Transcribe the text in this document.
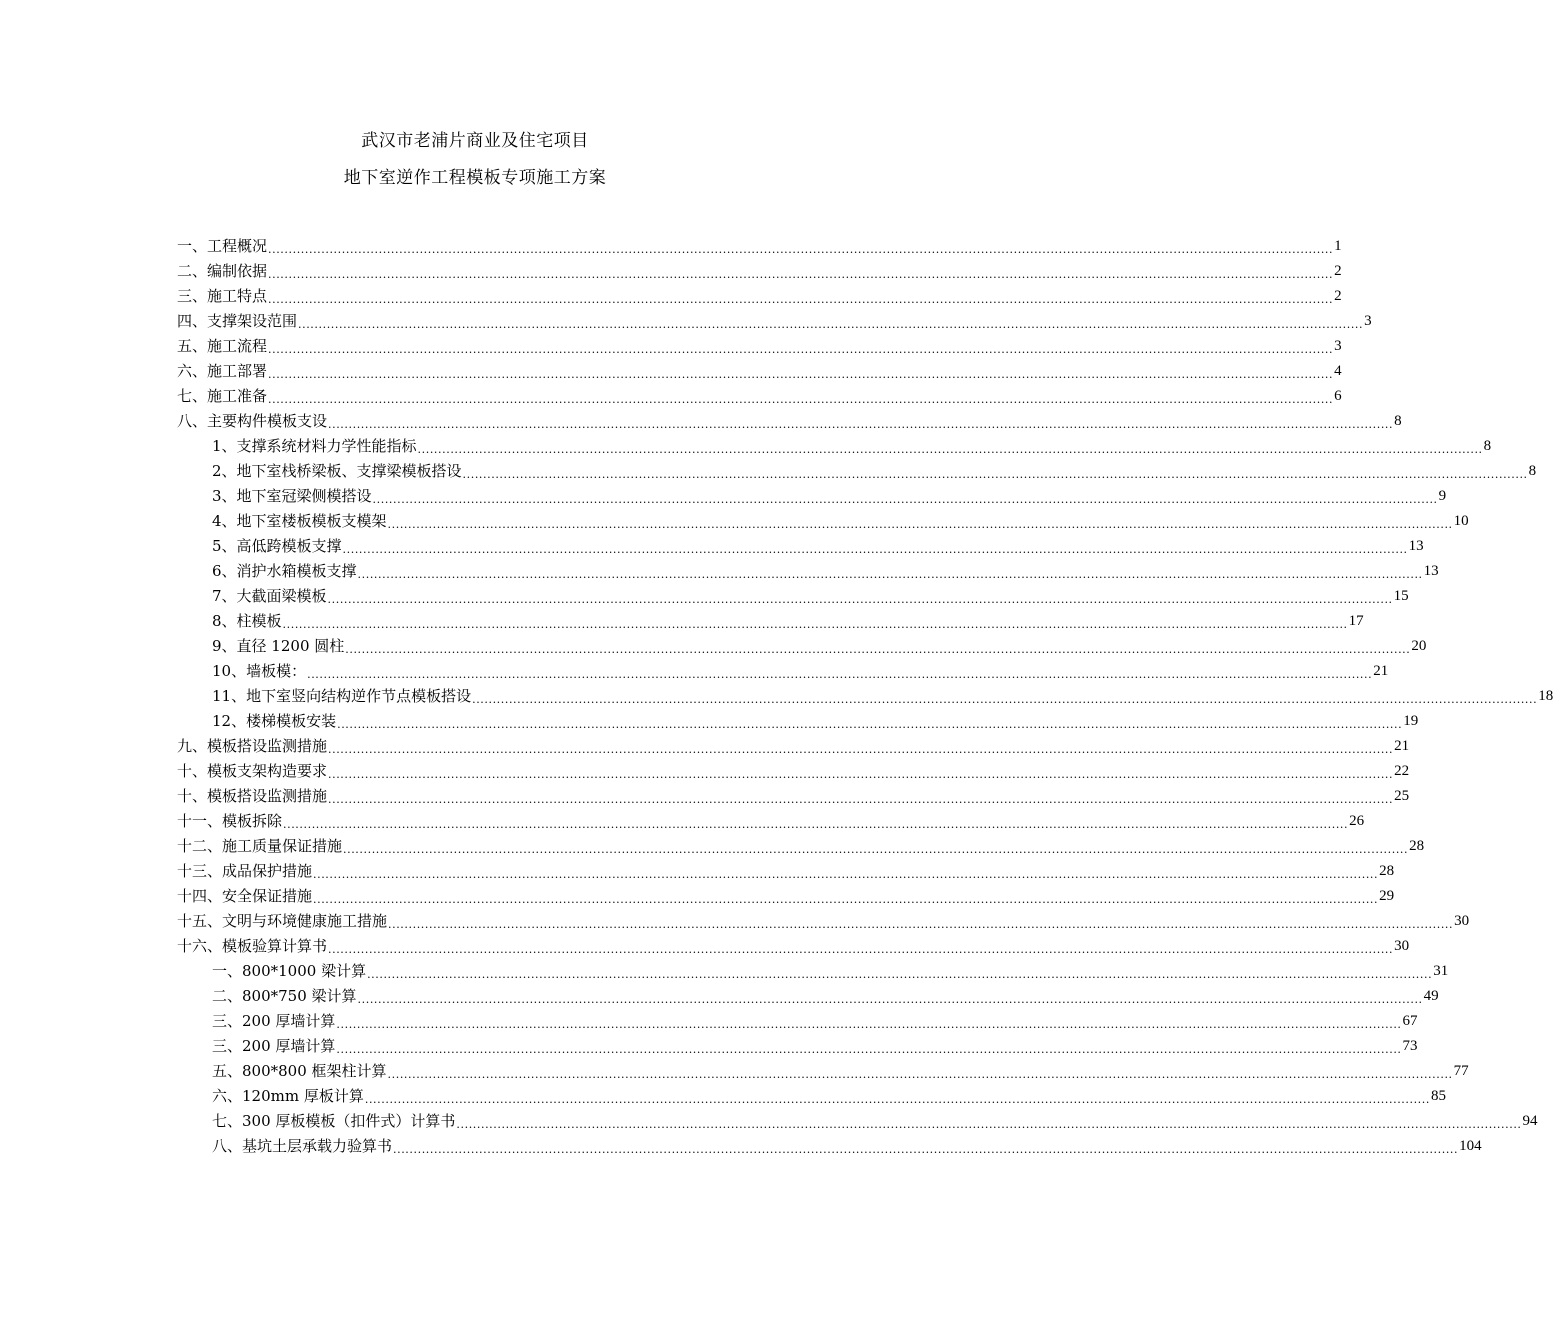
武汉市老浦片商业及住宅项目
地下室逆作工程模板专项施工方案
一、工程概况 .................................................................................................................................................................................................................................................................... 1
二、编制依据 .................................................................................................................................................................................................................................................................... 2
三、施工特点 .................................................................................................................................................................................................................................................................... 2
四、支撑架设范围 .................................................................................................................................................................................................................................................................... 3
五、施工流程 .................................................................................................................................................................................................................................................................... 3
六、施工部署 .................................................................................................................................................................................................................................................................... 4
七、施工准备 .................................................................................................................................................................................................................................................................... 6
八、主要构件模板支设 .................................................................................................................................................................................................................................................................... 8
1、支撑系统材料力学性能指标 .................................................................................................................................................................................................................................................................... 8
2、地下室栈桥梁板、支撑梁模板搭设 .................................................................................................................................................................................................................................................................... 8
3、地下室冠梁侧模搭设 .................................................................................................................................................................................................................................................................... 9
4、地下室楼板模板支模架 .................................................................................................................................................................................................................................................................... 10
5、高低跨模板支撑 .................................................................................................................................................................................................................................................................... 13
6、消护水箱模板支撑 .................................................................................................................................................................................................................................................................... 13
7、大截面梁模板 .................................................................................................................................................................................................................................................................... 15
8、柱模板 .................................................................................................................................................................................................................................................................... 17
9、直径 1200 圆柱 .................................................................................................................................................................................................................................................................... 20
10、墙板模： .................................................................................................................................................................................................................................................................... 21
11、地下室竖向结构逆作节点模板搭设 .................................................................................................................................................................................................................................................................... 18
12、楼梯模板安装 .................................................................................................................................................................................................................................................................... 19
九、模板搭设监测措施 .................................................................................................................................................................................................................................................................... 21
十、模板支架构造要求 .................................................................................................................................................................................................................................................................... 22
十、模板搭设监测措施 .................................................................................................................................................................................................................................................................... 25
十一、模板拆除 .................................................................................................................................................................................................................................................................... 26
十二、施工质量保证措施 .................................................................................................................................................................................................................................................................... 28
十三、成品保护措施 .................................................................................................................................................................................................................................................................... 28
十四、安全保证措施 .................................................................................................................................................................................................................................................................... 29
十五、文明与环境健康施工措施 .................................................................................................................................................................................................................................................................... 30
十六、模板验算计算书 .................................................................................................................................................................................................................................................................... 30
一、800*1000 梁计算 .................................................................................................................................................................................................................................................................... 31
二、800*750 梁计算 .................................................................................................................................................................................................................................................................... 49
三、200 厚墙计算 .................................................................................................................................................................................................................................................................... 67
三、200 厚墙计算 .................................................................................................................................................................................................................................................................... 73
五、800*800 框架柱计算 .................................................................................................................................................................................................................................................................... 77
六、120mm 厚板计算 .................................................................................................................................................................................................................................................................... 85
七、300 厚板模板（扣件式）计算书 .................................................................................................................................................................................................................................................................... 94
八、基坑土层承载力验算书 .................................................................................................................................................................................................................................................................... 104
